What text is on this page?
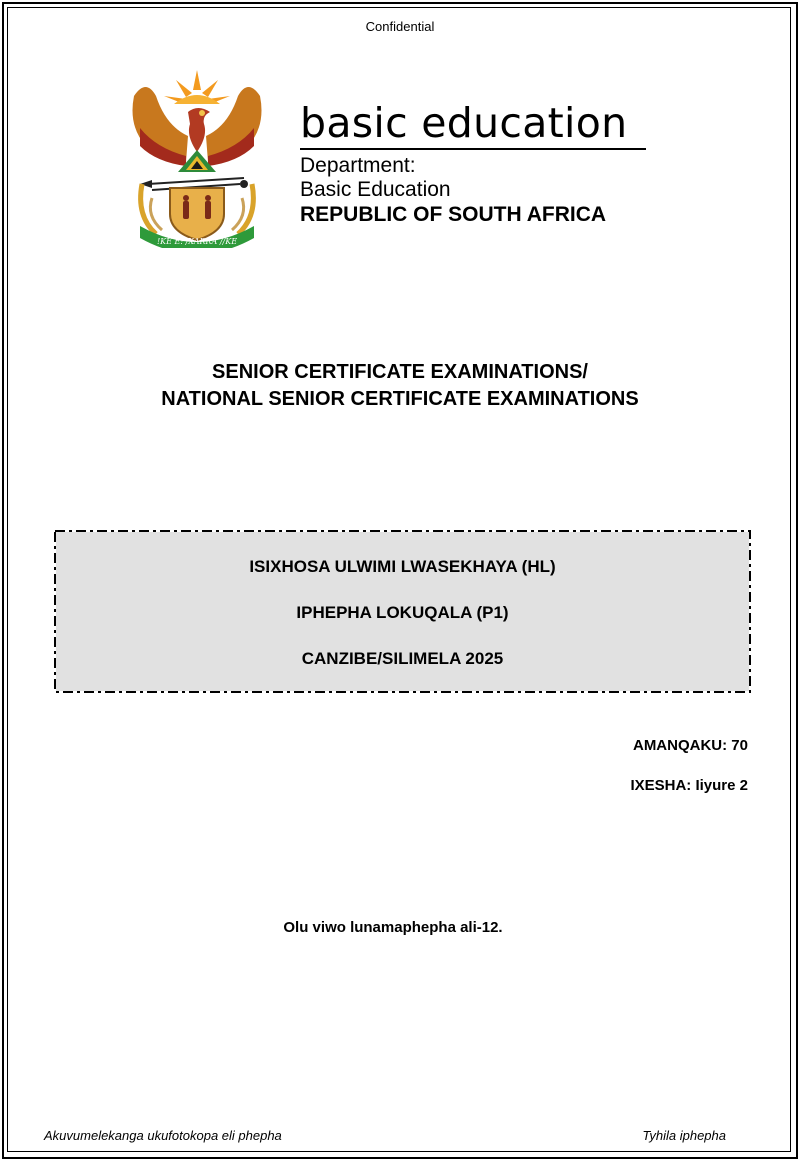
Confidential
!KE E: /XARRA //KE
basic education
Department:
Basic Education
REPUBLIC OF SOUTH AFRICA
SENIOR CERTIFICATE EXAMINATIONS/
NATIONAL SENIOR CERTIFICATE EXAMINATIONS
ISIXHOSA ULWIMI LWASEKHAYA (HL)
IPHEPHA LOKUQALA (P1)
CANZIBE/SILIMELA 2025
AMANQAKU: 70
IXESHA: Iiyure 2
Olu viwo lunamaphepha ali-12.
Akuvumelekanga ukufotokopa eli phepha	Tyhila iphepha
